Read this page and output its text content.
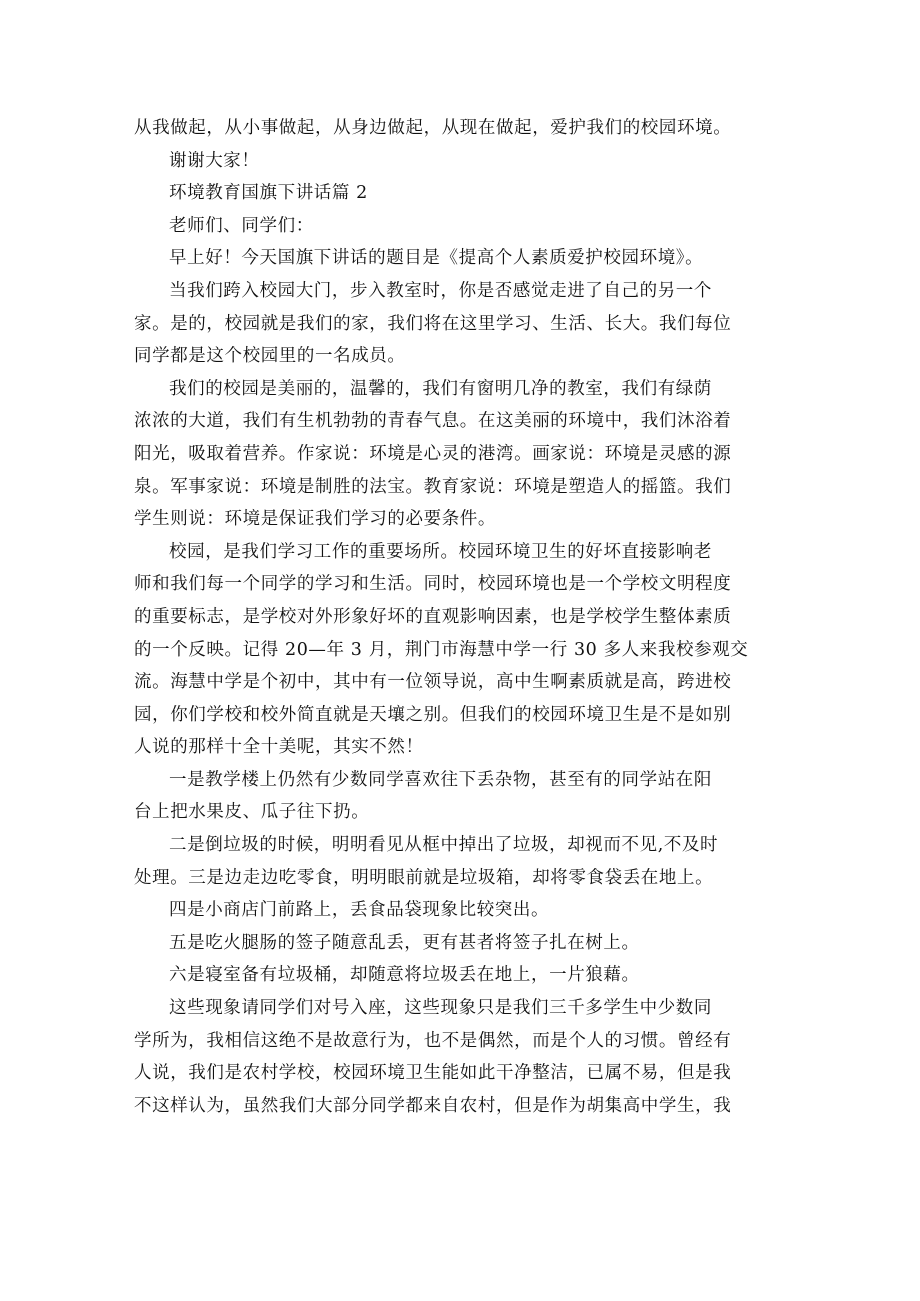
从我做起，从小事做起，从身边做起，从现在做起，爱护我们的校园环境。
谢谢大家！
环境教育国旗下讲话篇 2
老师们、同学们：
早上好！今天国旗下讲话的题目是《提高个人素质爱护校园环境》。
当我们跨入校园大门，步入教室时，你是否感觉走进了自己的另一个
家。是的，校园就是我们的家，我们将在这里学习、生活、长大。我们每位
同学都是这个校园里的一名成员。
我们的校园是美丽的，温馨的，我们有窗明几净的教室，我们有绿荫
浓浓的大道，我们有生机勃勃的青春气息。在这美丽的环境中，我们沐浴着
阳光，吸取着营养。作家说：环境是心灵的港湾。画家说：环境是灵感的源
泉。军事家说：环境是制胜的法宝。教育家说：环境是塑造人的摇篮。我们
学生则说：环境是保证我们学习的必要条件。
校园，是我们学习工作的重要场所。校园环境卫生的好坏直接影响老
师和我们每一个同学的学习和生活。同时，校园环境也是一个学校文明程度
的重要标志，是学校对外形象好坏的直观影响因素，也是学校学生整体素质
的一个反映。记得 20—年 3 月，荆门市海慧中学一行 30 多人来我校参观交
流。海慧中学是个初中，其中有一位领导说，高中生啊素质就是高，跨进校
园，你们学校和校外简直就是天壤之别。但我们的校园环境卫生是不是如别
人说的那样十全十美呢，其实不然！
一是教学楼上仍然有少数同学喜欢往下丢杂物，甚至有的同学站在阳
台上把水果皮、瓜子往下扔。
二是倒垃圾的时候，明明看见从框中掉出了垃圾，却视而不见,不及时
处理。三是边走边吃零食，明明眼前就是垃圾箱，却将零食袋丢在地上。
四是小商店门前路上，丢食品袋现象比较突出。
五是吃火腿肠的签子随意乱丢，更有甚者将签子扎在树上。
六是寝室备有垃圾桶，却随意将垃圾丢在地上，一片狼藉。
这些现象请同学们对号入座，这些现象只是我们三千多学生中少数同
学所为，我相信这绝不是故意行为，也不是偶然，而是个人的习惯。曾经有
人说，我们是农村学校，校园环境卫生能如此干净整洁，已属不易，但是我
不这样认为，虽然我们大部分同学都来自农村，但是作为胡集高中学生，我
